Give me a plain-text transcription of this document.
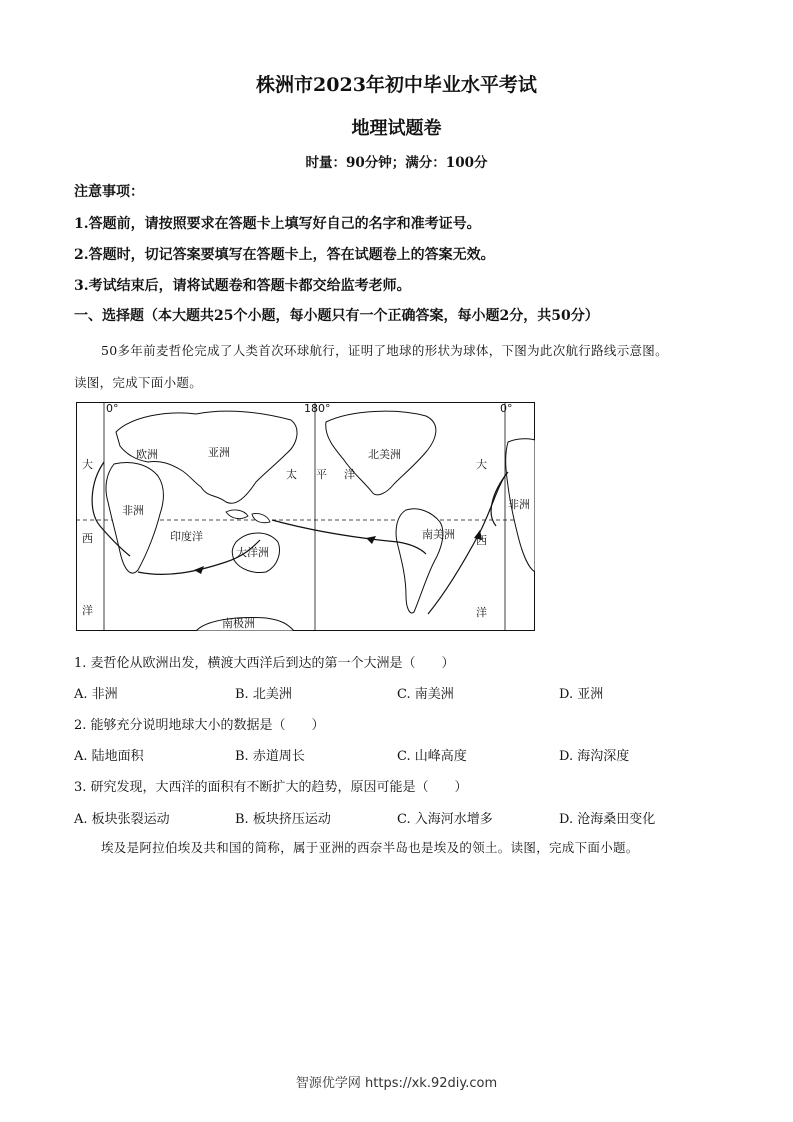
株洲市2023年初中毕业水平考试
地理试题卷
时量：90分钟；满分：100分
注意事项：
1.答题前，请按照要求在答题卡上填写好自己的名字和准考证号。
2.答题时，切记答案要填写在答题卡上，答在试题卷上的答案无效。
3.考试结束后，请将试题卷和答题卡都交给监考老师。
一、选择题（本大题共25个小题，每小题只有一个正确答案，每小题2分，共50分）
50多年前麦哲伦完成了人类首次环球航行，证明了地球的形状为球体，下图为此次航行路线示意图。
读图，完成下面小题。
0°	180°	0°
欧洲	亚洲
非洲
印度洋
大洋洲
太 平 洋
北美洲
南美洲
南极洲
大
西
洋
大
西
洋
非洲
1. 麦哲伦从欧洲出发，横渡大西洋后到达的第一个大洲是（　　）
A. 非洲	B. 北美洲	C. 南美洲	D. 亚洲
2. 能够充分说明地球大小的数据是（　　）
A. 陆地面积	B. 赤道周长	C. 山峰高度	D. 海沟深度
3. 研究发现，大西洋的面积有不断扩大的趋势，原因可能是（　　）
A. 板块张裂运动	B. 板块挤压运动	C. 入海河水增多	D. 沧海桑田变化
埃及是阿拉伯埃及共和国的简称，属于亚洲的西奈半岛也是埃及的领土。读图，完成下面小题。
智源优学网 https://xk.92diy.com
